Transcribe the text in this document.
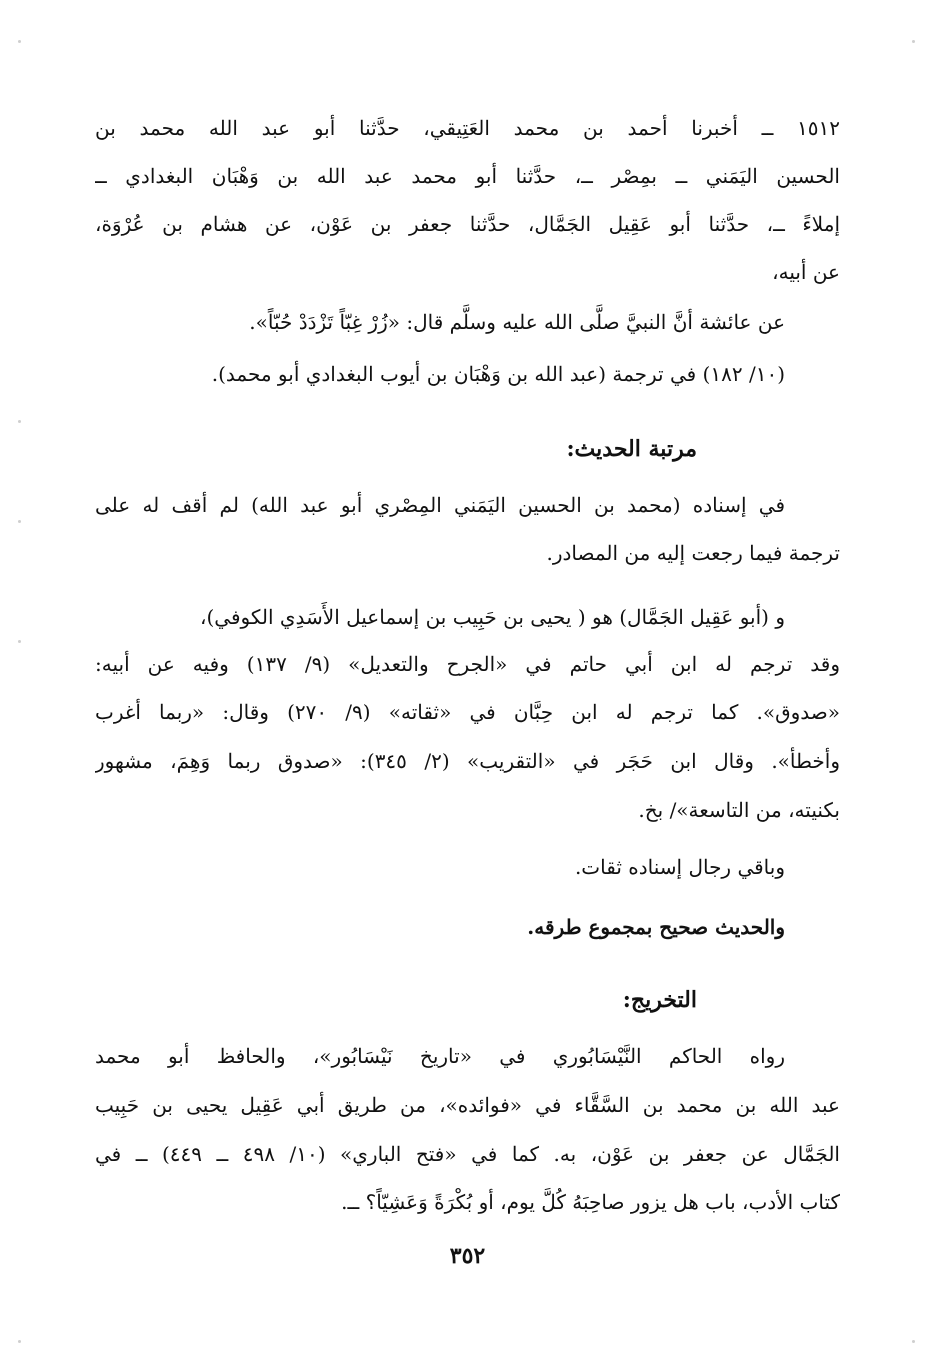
١٥١٢ ــ أخبرنا أحمد بن محمد العَتِيقي، حدَّثنا أبو عبد الله محمد بن
الحسين اليَمَني ــ بمِصْر ــ، حدَّثنا أبو محمد عبد الله بن وَهْبَان البغدادي ــ
إملاءً ــ، حدَّثنا أبو عَقِيل الجَمَّال، حدَّثنا جعفر بن عَوْن، عن هشام بن عُرْوَة،
عن أبيه،
عن عائشة أنَّ النبيَّ صلَّى الله عليه وسلَّم قال: «زُرْ غِبّاً تَزْدَدْ حُبّاً».
(١٠/ ١٨٢) في ترجمة (عبد الله بن وَهْبَان بن أيوب البغدادي أبو محمد).
مرتبة الحديث:
في إسناده (محمد بن الحسين اليَمَني المِصْري أبو عبد الله) لم أقف له على
ترجمة فيما رجعت إليه من المصادر.
و (أبو عَقِيل الجَمَّال) هو ( يحيى بن حَبِيب بن إسماعيل الأَسَدِي الكوفي)،
وقد ترجم له ابن أبي حاتم في «الجرح والتعديل» (٩/ ١٣٧) وفيه عن أبيه:
«صدوق». كما ترجم له ابن حِبَّان في «ثقاته» (٩/ ٢٧٠) وقال: «ربما أغرب
وأخطأ». وقال ابن حَجَر في «التقريب» (٢/ ٣٤٥): «صدوق ربما وَهِمَ، مشهور
بكنيته، من التاسعة»/ بخ.
وباقي رجال إسناده ثقات.
والحديث صحيح بمجموع طرقه.
التخريج:
رواه الحاكم النَّيْسَابُوري في «تاريخ نَيْسَابُور»، والحافظ أبو محمد
عبد الله بن محمد بن السَّقَّاء في «فوائده»، من طريق أبي عَقِيل يحيى بن حَبِيب
الجَمَّال عن جعفر بن عَوْن، به. كما في «فتح الباري» (١٠/ ٤٩٨ ــ ٤٤٩) ــ في
كتاب الأدب، باب هل يزور صاحِبَهُ كُلَّ يوم، أو بُكْرَةً وَعَشِيّاً؟ ــ.
٣٥٢
